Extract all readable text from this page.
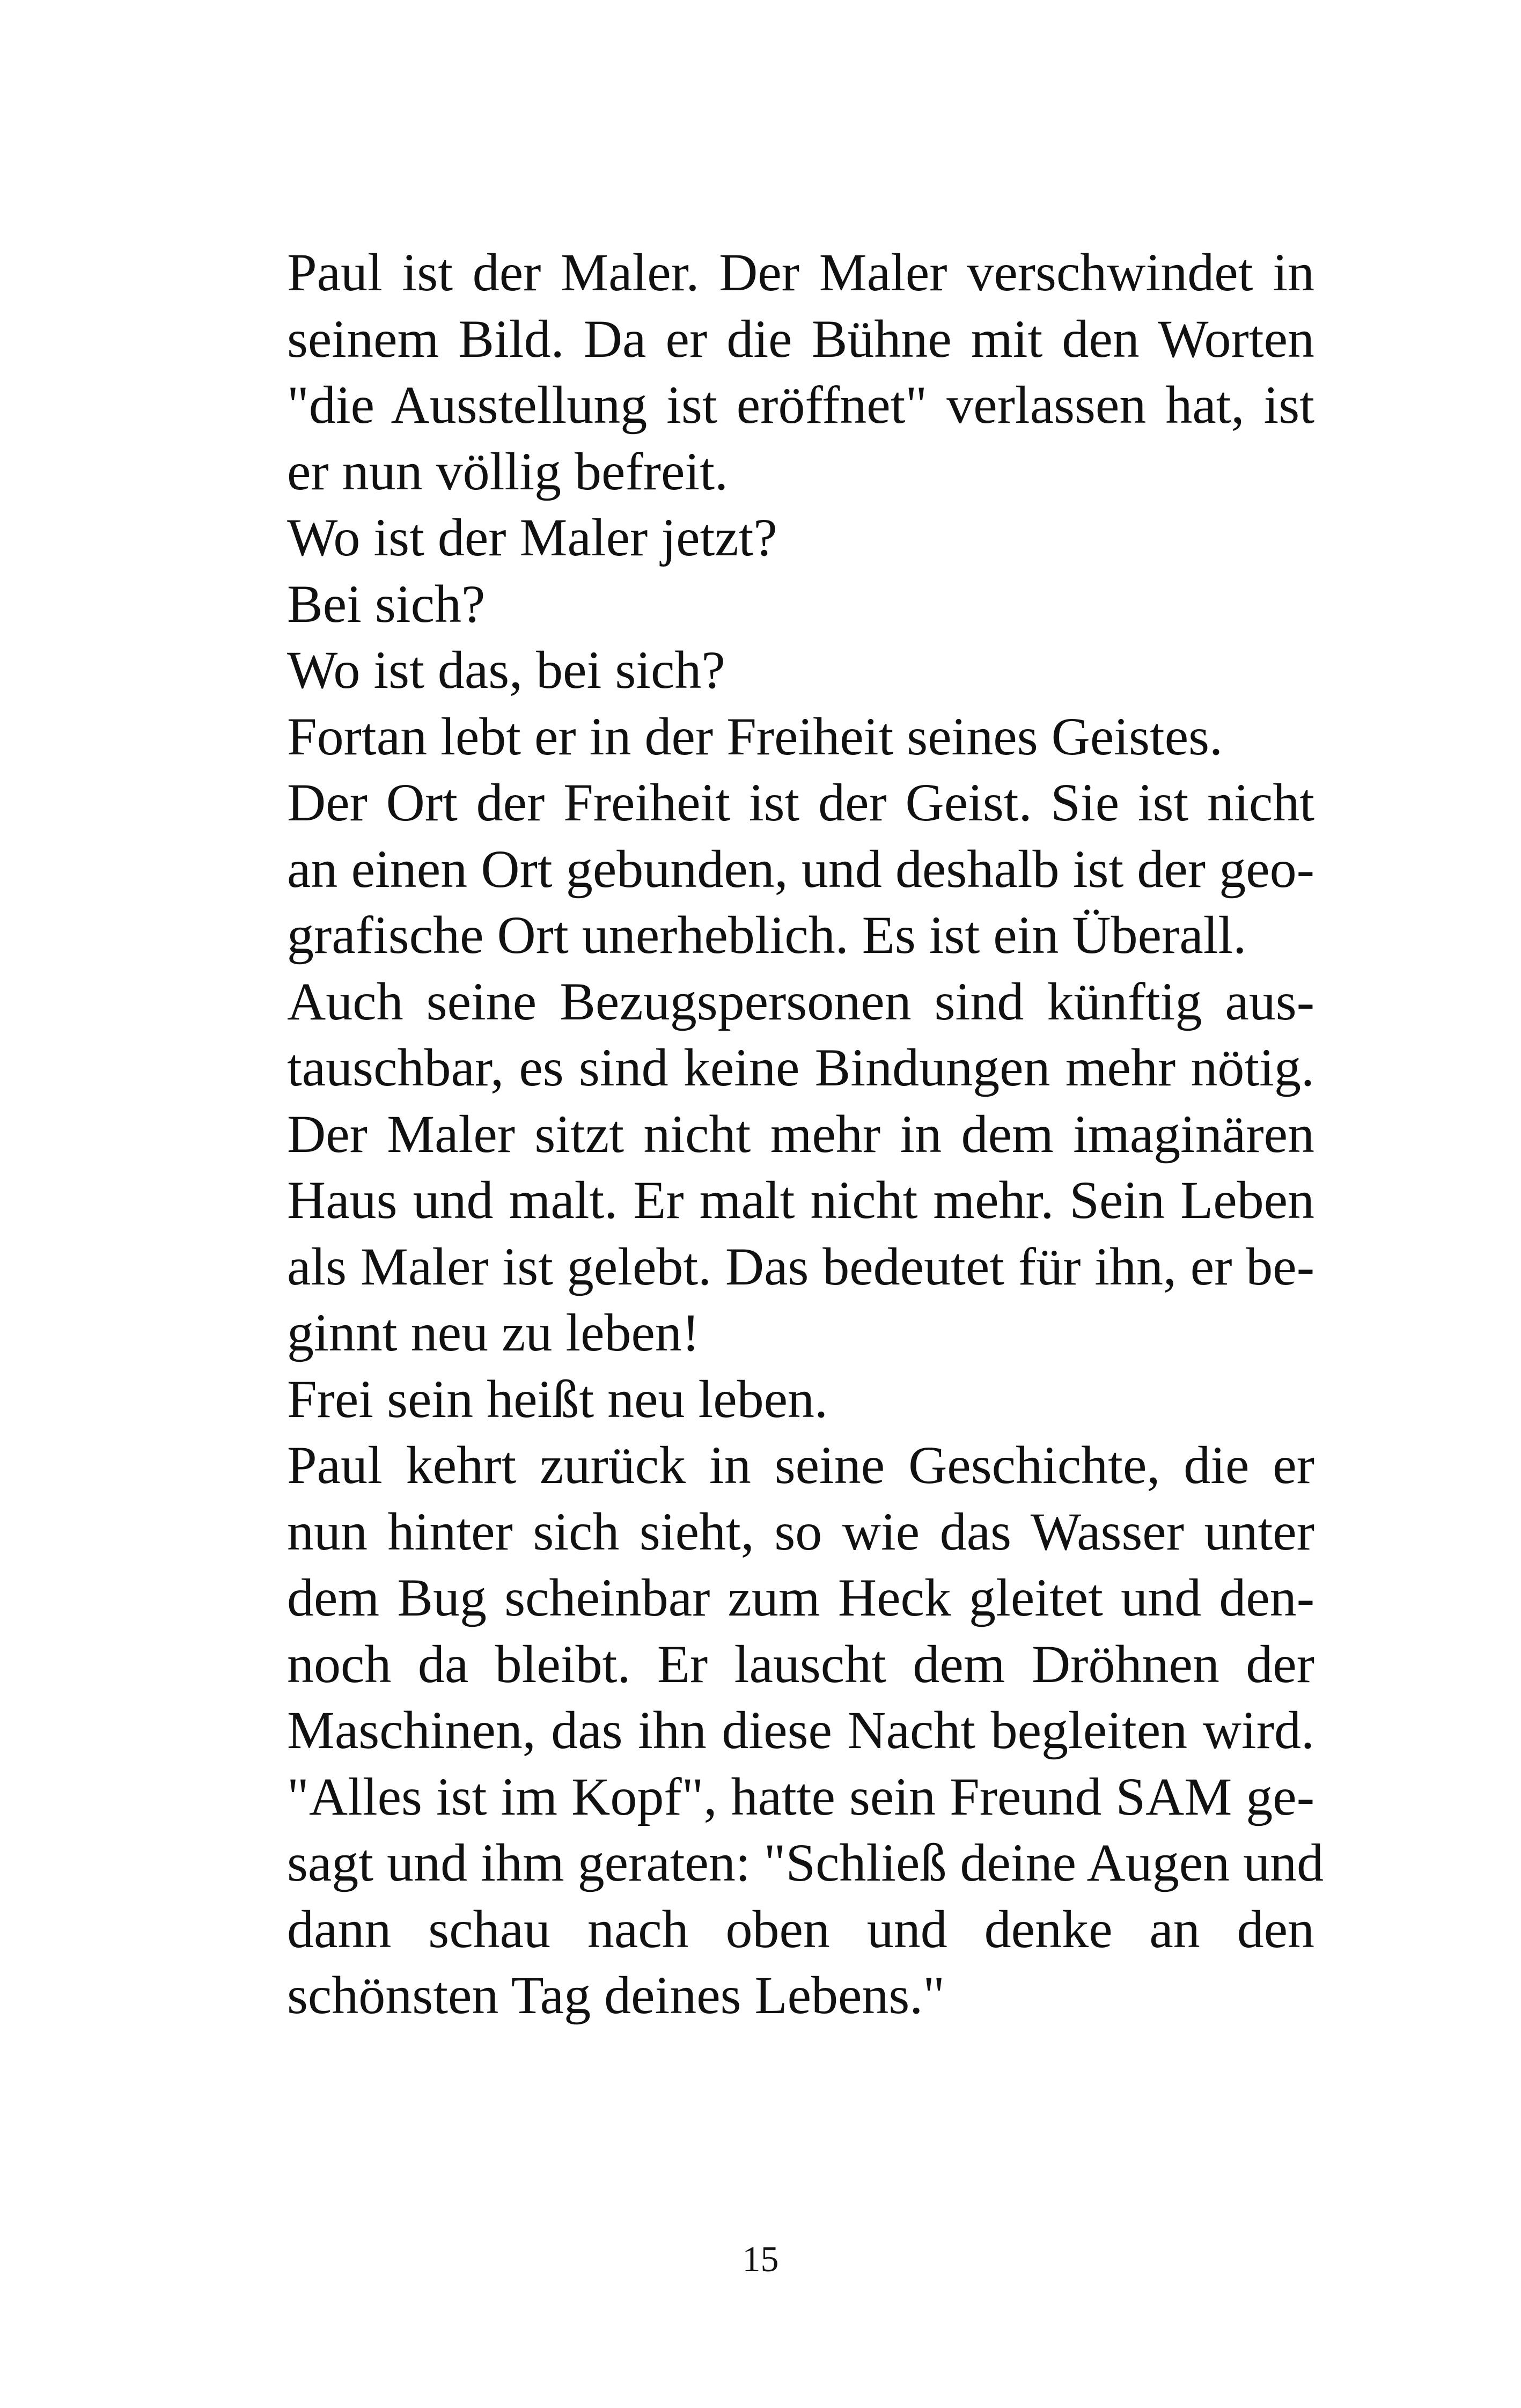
Paul ist der Maler. Der Maler verschwindet in
seinem Bild. Da er die Bühne mit den Worten
"die Ausstellung ist eröffnet" verlassen hat, ist
er nun völlig befreit.
Wo ist der Maler jetzt?
Bei sich?
Wo ist das, bei sich?
Fortan lebt er in der Freiheit seines Geistes.
Der Ort der Freiheit ist der Geist. Sie ist nicht
an einen Ort gebunden, und deshalb ist der geo-
grafische Ort unerheblich. Es ist ein Überall.
Auch seine Bezugspersonen sind künftig aus-
tauschbar, es sind keine Bindungen mehr nötig.
Der Maler sitzt nicht mehr in dem imaginären
Haus und malt. Er malt nicht mehr. Sein Leben
als Maler ist gelebt. Das bedeutet für ihn, er be-
ginnt neu zu leben!
Frei sein heißt neu leben.
Paul kehrt zurück in seine Geschichte, die er
nun hinter sich sieht, so wie das Wasser unter
dem Bug scheinbar zum Heck gleitet und den-
noch da bleibt. Er lauscht dem Dröhnen der
Maschinen, das ihn diese Nacht begleiten wird.
"Alles ist im Kopf", hatte sein Freund SAM ge-
sagt und ihm geraten: "Schließ deine Augen und
dann schau nach oben und denke an den
schönsten Tag deines Lebens."
15
